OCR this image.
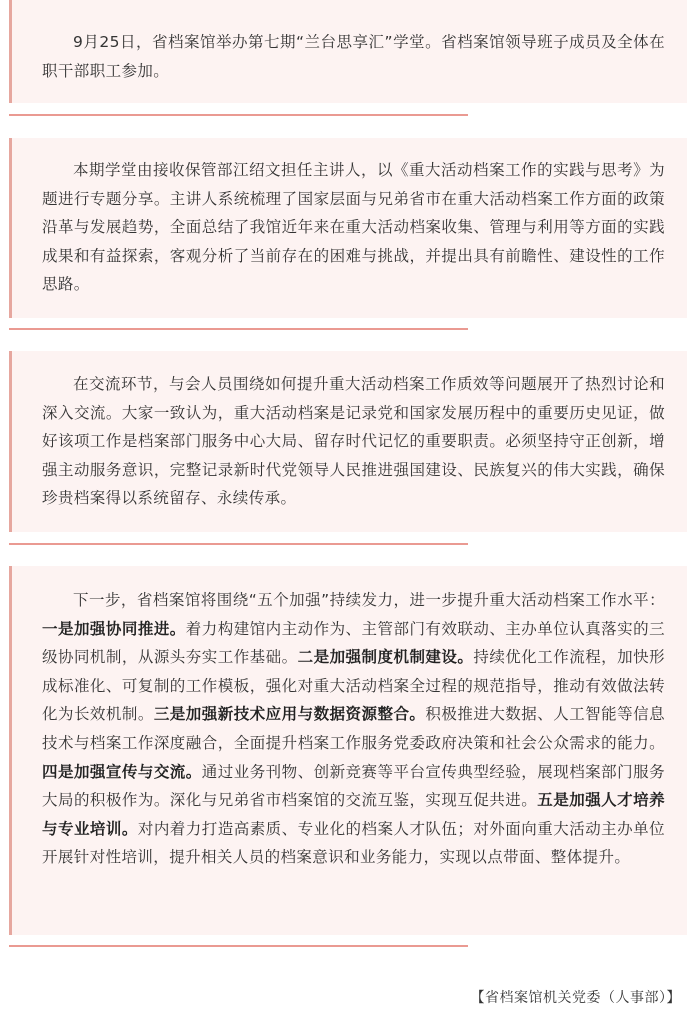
9月25日，省档案馆举办第七期“兰台思享汇”学堂。省档案馆领导班子成员及全体在职干部职工参加。

本期学堂由接收保管部江绍文担任主讲人，以《重大活动档案工作的实践与思考》为题进行专题分享。主讲人系统梳理了国家层面与兄弟省市在重大活动档案工作方面的政策沿革与发展趋势，全面总结了我馆近年来在重大活动档案收集、管理与利用等方面的实践成果和有益探索，客观分析了当前存在的困难与挑战，并提出具有前瞻性、建设性的工作思路。

在交流环节，与会人员围绕如何提升重大活动档案工作质效等问题展开了热烈讨论和深入交流。大家一致认为，重大活动档案是记录党和国家发展历程中的重要历史见证，做好该项工作是档案部门服务中心大局、留存时代记忆的重要职责。必须坚持守正创新，增强主动服务意识，完整记录新时代党领导人民推进强国建设、民族复兴的伟大实践，确保珍贵档案得以系统留存、永续传承。

下一步，省档案馆将围绕“五个加强”持续发力，进一步提升重大活动档案工作水平：一是加强协同推进。着力构建馆内主动作为、主管部门有效联动、主办单位认真落实的三级协同机制，从源头夯实工作基础。二是加强制度机制建设。持续优化工作流程，加快形成标准化、可复制的工作模板，强化对重大活动档案全过程的规范指导，推动有效做法转化为长效机制。三是加强新技术应用与数据资源整合。积极推进大数据、人工智能等信息技术与档案工作深度融合，全面提升档案工作服务党委政府决策和社会公众需求的能力。四是加强宣传与交流。通过业务刊物、创新竞赛等平台宣传典型经验，展现档案部门服务大局的积极作为。深化与兄弟省市档案馆的交流互鉴，实现互促共进。五是加强人才培养与专业培训。对内着力打造高素质、专业化的档案人才队伍；对外面向重大活动主办单位开展针对性培训，提升相关人员的档案意识和业务能力，实现以点带面、整体提升。

【省档案馆机关党委（人事部）】
